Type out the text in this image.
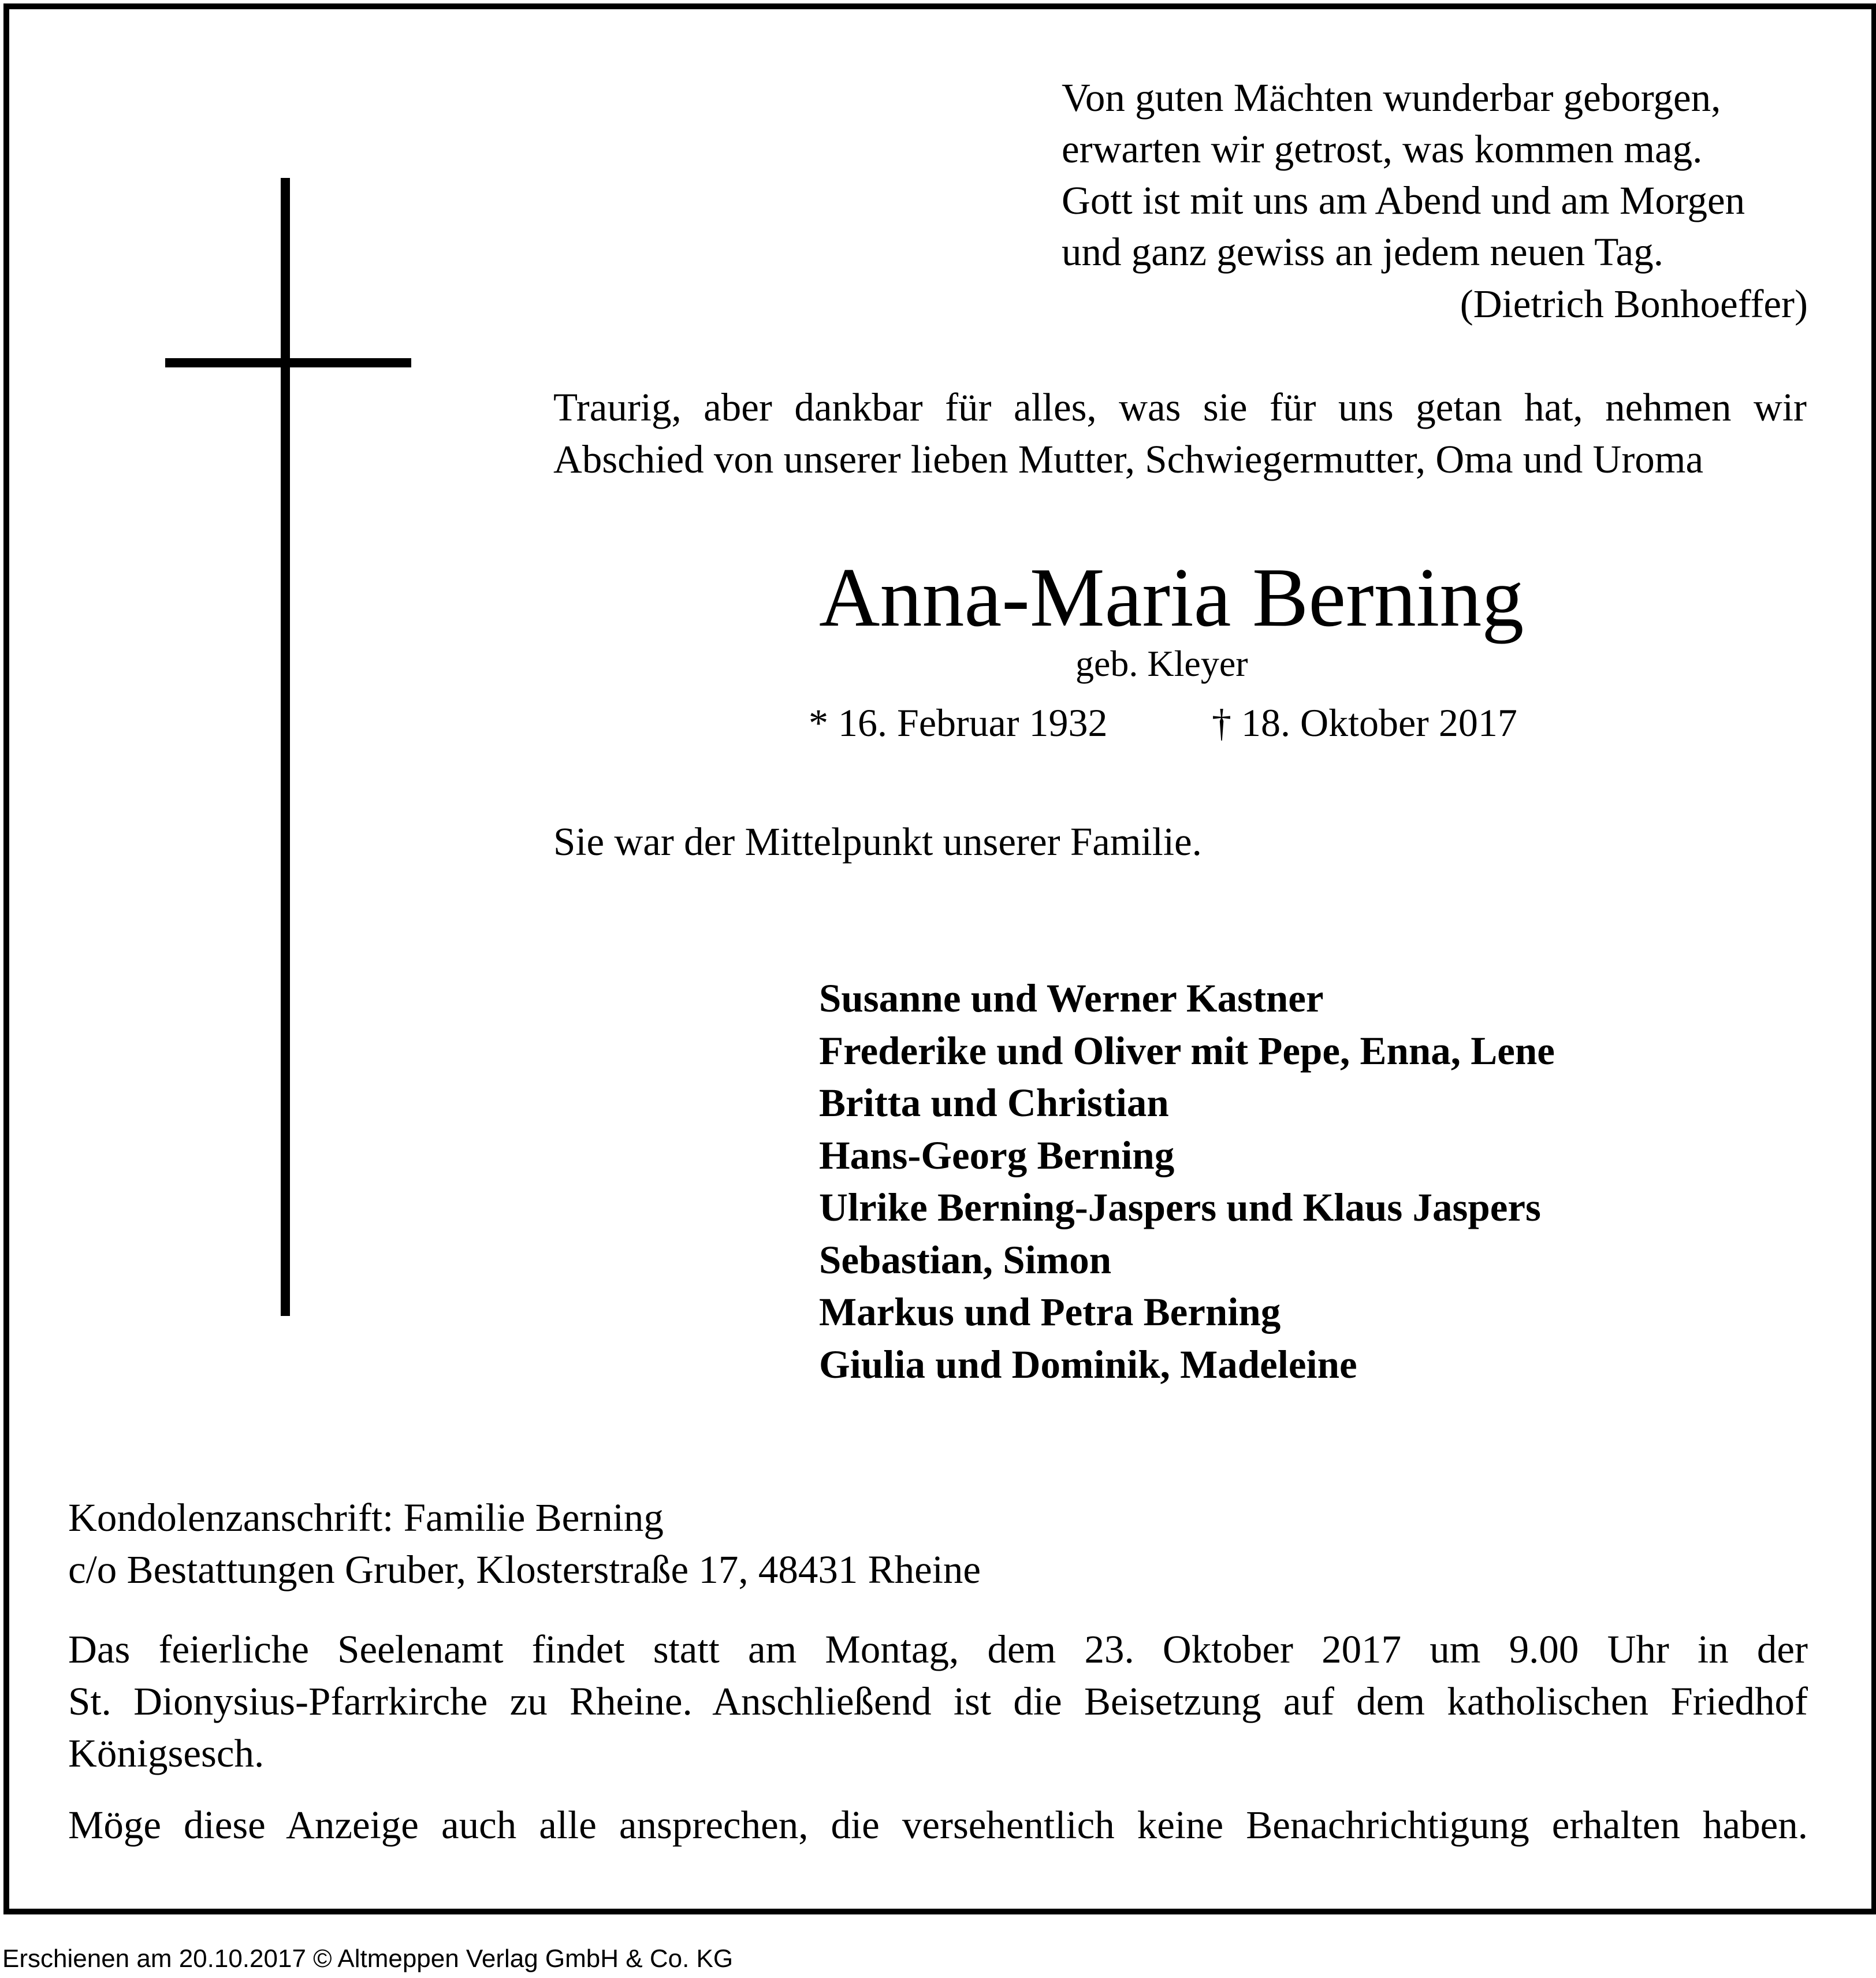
Von guten Mächten wunderbar geborgen,
erwarten wir getrost, was kommen mag.
Gott ist mit uns am Abend und am Morgen
und ganz gewiss an jedem neuen Tag.
(Dietrich Bonhoeffer)
Traurig, aber dankbar für alles, was sie für uns getan hat, nehmen wir
Abschied von unserer lieben Mutter, Schwiegermutter, Oma und Uroma
Anna-Maria Berning
geb. Kleyer
* 16. Februar 1932	† 18. Oktober 2017
Sie war der Mittelpunkt unserer Familie.
Susanne und Werner Kastner
Frederike und Oliver mit Pepe, Enna, Lene
Britta und Christian
Hans-Georg Berning
Ulrike Berning-Jaspers und Klaus Jaspers
Sebastian, Simon
Markus und Petra Berning
Giulia und Dominik, Madeleine
Kondolenzanschrift: Familie Berning
c/o Bestattungen Gruber, Klosterstraße 17, 48431 Rheine
Das feierliche Seelenamt findet statt am Montag, dem 23. Oktober 2017 um 9.00 Uhr in der
St. Dionysius-Pfarrkirche zu Rheine. Anschließend ist die Beisetzung auf dem katholischen Friedhof
Königsesch.
Möge diese Anzeige auch alle ansprechen, die versehentlich keine Benachrichtigung erhalten haben.
Erschienen am 20.10.2017 © Altmeppen Verlag GmbH & Co. KG
